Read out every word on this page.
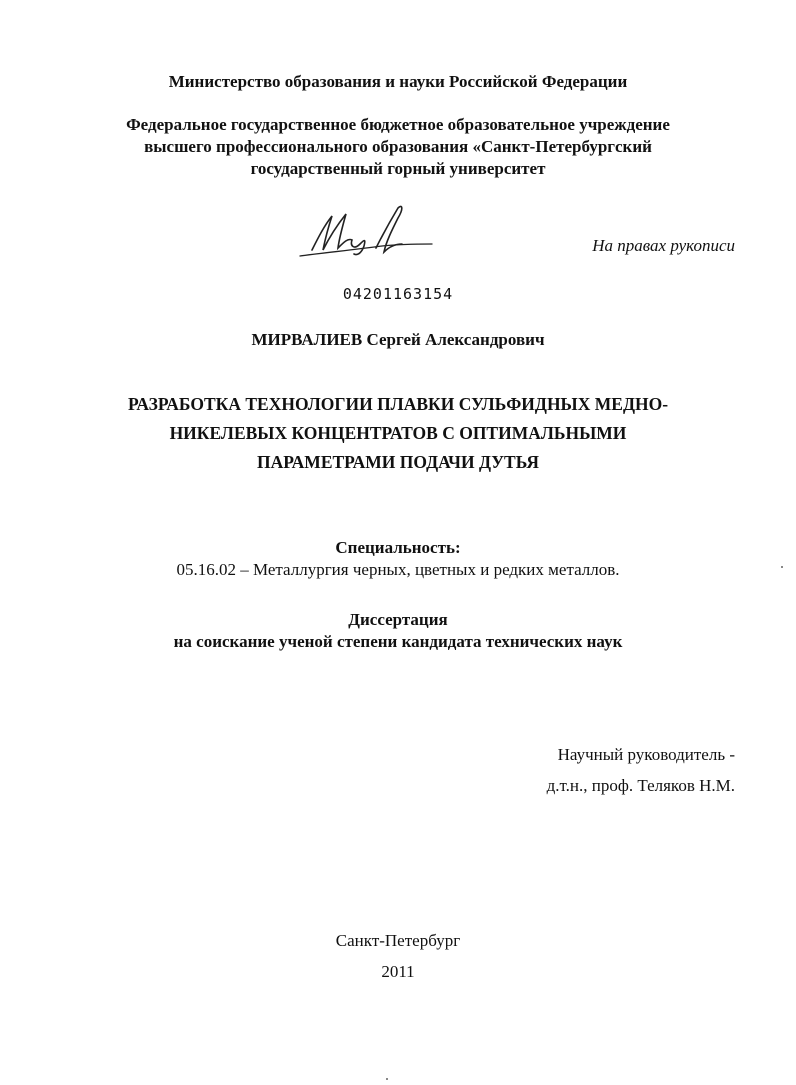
Министерство образования и науки Российской Федерации
Федеральное государственное бюджетное образовательное учреждение
высшего профессионального образования «Санкт-Петербургский
государственный горный университет
На правах рукописи
04201163154
МИРВАЛИЕВ Сергей Александрович
РАЗРАБОТКА ТЕХНОЛОГИИ ПЛАВКИ СУЛЬФИДНЫХ МЕДНО-
НИКЕЛЕВЫХ КОНЦЕНТРАТОВ С ОПТИМАЛЬНЫМИ
ПАРАМЕТРАМИ ПОДАЧИ ДУТЬЯ
Специальность:
05.16.02 – Металлургия черных, цветных и редких металлов.
Диссертация
на соискание ученой степени кандидата технических наук
Научный руководитель -
д.т.н., проф. Теляков Н.М.
Санкт-Петербург
2011
